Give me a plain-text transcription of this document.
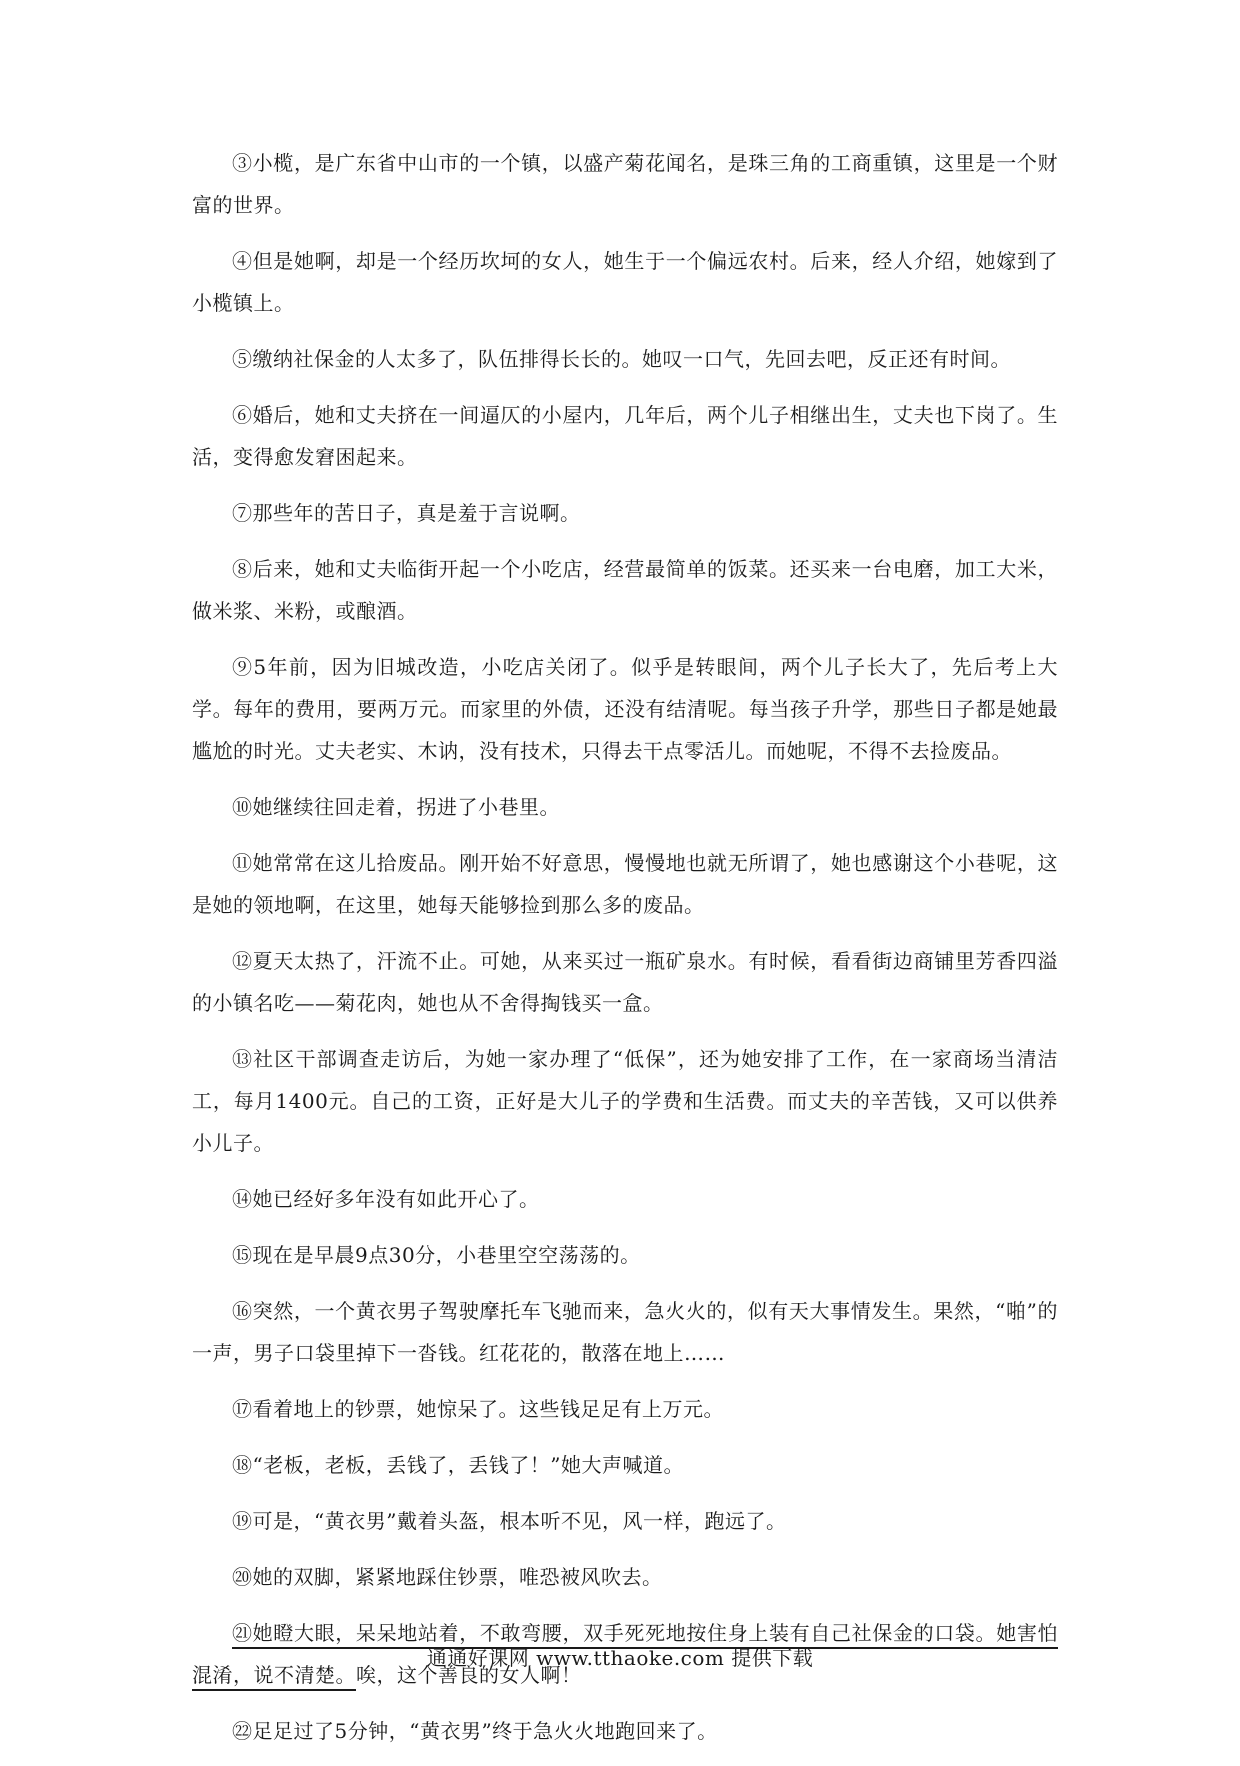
③小榄，是广东省中山市的一个镇，以盛产菊花闻名，是珠三角的工商重镇，这里是一个财富的世界。

④但是她啊，却是一个经历坎坷的女人，她生于一个偏远农村。后来，经人介绍，她嫁到了小榄镇上。

⑤缴纳社保金的人太多了，队伍排得长长的。她叹一口气，先回去吧，反正还有时间。

⑥婚后，她和丈夫挤在一间逼仄的小屋内，几年后，两个儿子相继出生，丈夫也下岗了。生活，变得愈发窘困起来。

⑦那些年的苦日子，真是羞于言说啊。

⑧后来，她和丈夫临街开起一个小吃店，经营最简单的饭菜。还买来一台电磨，加工大米，做米浆、米粉，或酿酒。

⑨5年前，因为旧城改造，小吃店关闭了。似乎是转眼间，两个儿子长大了，先后考上大学。每年的费用，要两万元。而家里的外债，还没有结清呢。每当孩子升学，那些日子都是她最尴尬的时光。丈夫老实、木讷，没有技术，只得去干点零活儿。而她呢，不得不去捡废品。

⑩她继续往回走着，拐进了小巷里。

⑪她常常在这儿拾废品。刚开始不好意思，慢慢地也就无所谓了，她也感谢这个小巷呢，这是她的领地啊，在这里，她每天能够捡到那么多的废品。

⑫夏天太热了，汗流不止。可她，从来买过一瓶矿泉水。有时候，看看街边商铺里芳香四溢的小镇名吃——菊花肉，她也从不舍得掏钱买一盒。

⑬社区干部调查走访后，为她一家办理了“低保”，还为她安排了工作，在一家商场当清洁工，每月1400元。自己的工资，正好是大儿子的学费和生活费。而丈夫的辛苦钱，又可以供养小儿子。

⑭她已经好多年没有如此开心了。

⑮现在是早晨9点30分，小巷里空空荡荡的。

⑯突然，一个黄衣男子驾驶摩托车飞驰而来，急火火的，似有天大事情发生。果然，“啪”的一声，男子口袋里掉下一沓钱。红花花的，散落在地上……

⑰看着地上的钞票，她惊呆了。这些钱足足有上万元。

⑱“老板，老板，丢钱了，丢钱了！”她大声喊道。

⑲可是，“黄衣男”戴着头盔，根本听不见，风一样，跑远了。

⑳她的双脚，紧紧地踩住钞票，唯恐被风吹去。

㉑她瞪大眼，呆呆地站着，不敢弯腰，双手死死地按住身上装有自己社保金的口袋。她害怕混淆，说不清楚。唉，这个善良的女人啊！

㉒足足过了5分钟，“黄衣男”终于急火火地跑回来了。

通通好课网 www.tthaoke.com 提供下载
